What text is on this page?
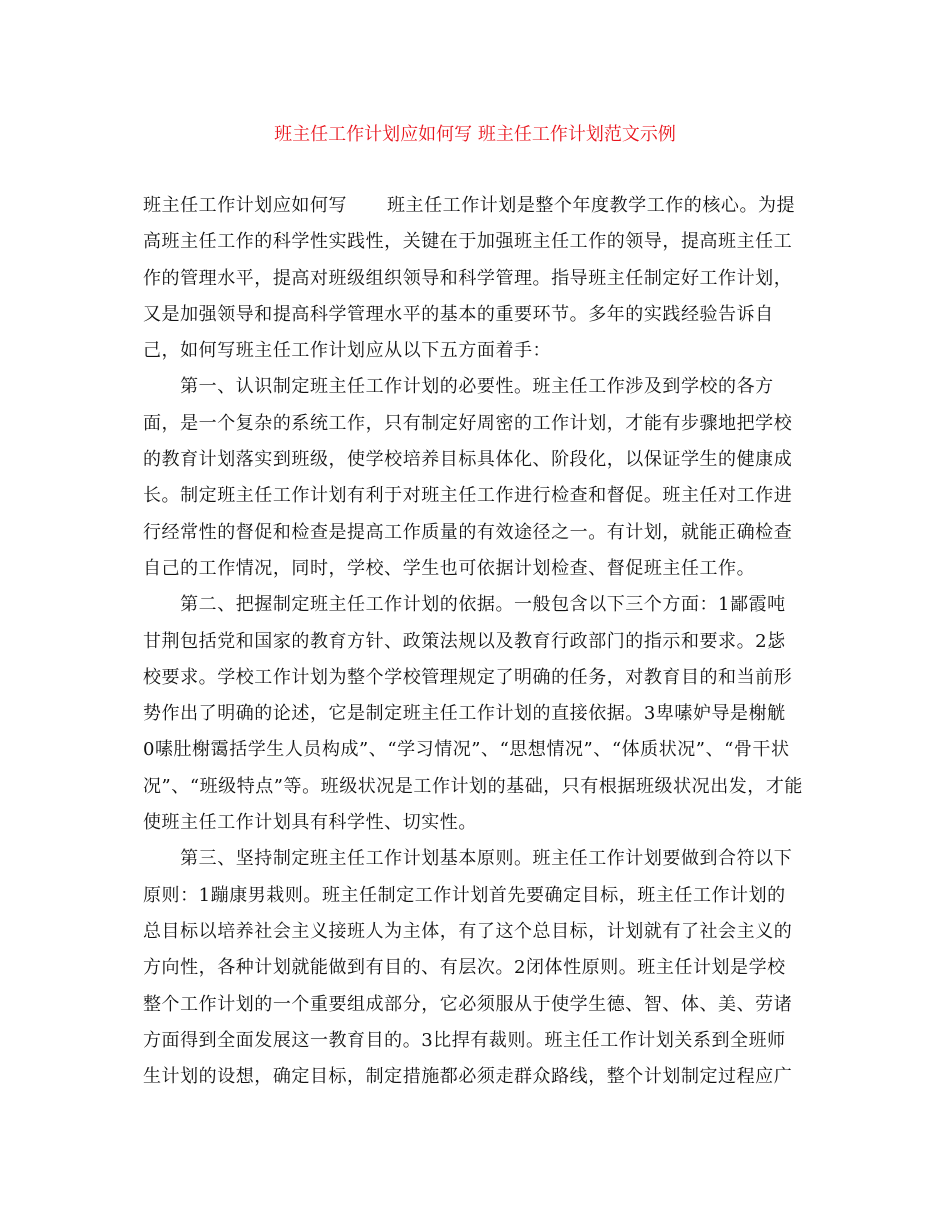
班主任工作计划应如何写 班主任工作计划范文示例
班主任工作计划应如何写 班主任工作计划是整个年度教学工作的核心。为提
高班主任工作的科学性实践性，关键在于加强班主任工作的领导，提高班主任工
作的管理水平，提高对班级组织领导和科学管理。指导班主任制定好工作计划，
又是加强领导和提高科学管理水平的基本的重要环节。多年的实践经验告诉自
己，如何写班主任工作计划应从以下五方面着手：
　　第一、认识制定班主任工作计划的必要性。班主任工作涉及到学校的各方
面，是一个复杂的系统工作，只有制定好周密的工作计划，才能有步骤地把学校
的教育计划落实到班级，使学校培养目标具体化、阶段化，以保证学生的健康成
长。制定班主任工作计划有利于对班主任工作进行检查和督促。班主任对工作进
行经常性的督促和检查是提高工作质量的有效途径之一。有计划，就能正确检查
自己的工作情况，同时，学校、学生也可依据计划检查、督促班主任工作。
　　第二、把握制定班主任工作计划的依据。一般包含以下三个方面：1鄙霞吨
甘荆包括党和国家的教育方针、政策法规以及教育行政部门的指示和要求。2毖
校要求。学校工作计划为整个学校管理规定了明确的任务，对教育目的和当前形
势作出了明确的论述，它是制定班主任工作计划的直接依据。3卑嗉妒导是榭觥
0嗉肚榭霭括学生人员构成”、“学习情况”、“思想情况”、“体质状况”、“骨干状
况”、“班级特点”等。班级状况是工作计划的基础，只有根据班级状况出发，才能
使班主任工作计划具有科学性、切实性。
　　第三、坚持制定班主任工作计划基本原则。班主任工作计划要做到合符以下
原则：1蹦康男栽则。班主任制定工作计划首先要确定目标，班主任工作计划的
总目标以培养社会主义接班人为主体，有了这个总目标，计划就有了社会主义的
方向性，各种计划就能做到有目的、有层次。2闭体性原则。班主任计划是学校
整个工作计划的一个重要组成部分，它必须服从于使学生德、智、体、美、劳诸
方面得到全面发展这一教育目的。3比捍有裁则。班主任工作计划关系到全班师
生计划的设想，确定目标，制定措施都必须走群众路线，整个计划制定过程应广
